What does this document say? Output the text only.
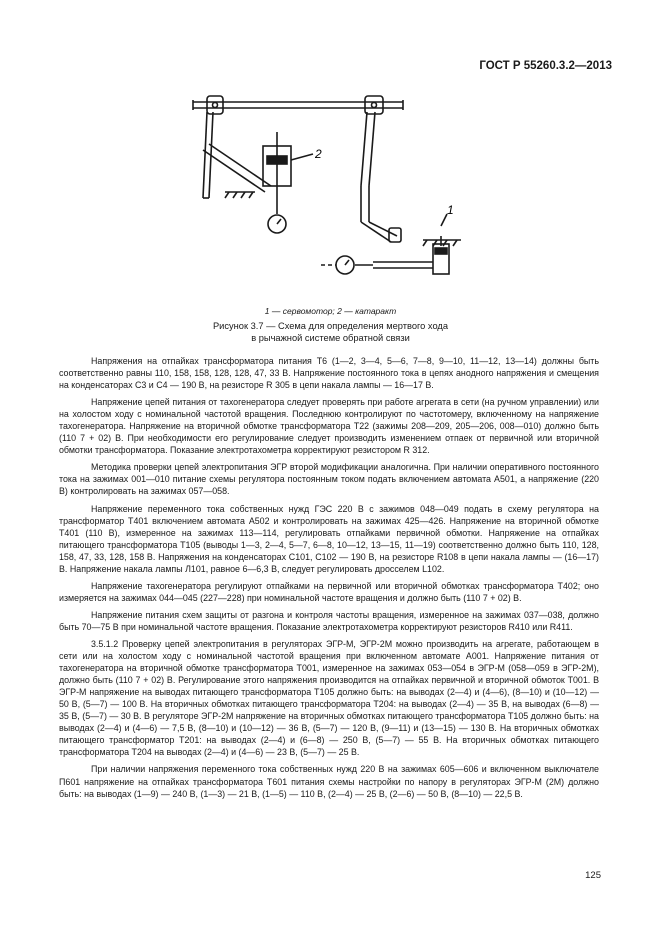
ГОСТ Р 55260.3.2—2013
1
2
1 — сервомотор; 2 — катаракт
Рисунок 3.7 — Схема для определения мертвого хода
в рычажной системе обратной связи

Напряжения на отпайках трансформатора питания Т6 (1—2, 3—4, 5—6, 7—8, 9—10, 11—12, 13—14) должны быть соответственно равны 110, 158, 158, 128, 128, 47, 33 В. Напряжение постоянного тока в цепях анодного напряжения и смещения на конденсаторах С3 и С4 — 190 В, на резисторе R 305 в цепи накала лампы — 16—17 В.

Напряжение цепей питания от тахогенератора следует проверять при работе агрегата в сети (на ручном управлении) или на холостом ходу с номинальной частотой вращения. Последнюю контролируют по частотомеру, включенному на напряжение тахогенератора. Напряжение на вторичной обмотке трансформатора Т22 (зажимы 208—209, 205—206, 008—010) должно быть (110 7 + 02) В. При необходимости его регулирование следует производить изменением отпаек от первичной или вторичной обмотки трансформатора. Показание электротахометра корректируют резистором R 312.

Методика проверки цепей электропитания ЭГР второй модификации аналогична. При наличии оперативного постоянного тока на зажимах 001—010 питание схемы регулятора постоянным током подать включением автомата А501, а напряжение (220 В) контролировать на зажимах 057—058.

Напряжение переменного тока собственных нужд ГЭС 220 В с зажимов 048—049 подать в схему регулятора на трансформатор Т401 включением автомата А502 и контролировать на зажимах 425—426. Напряжение на вторичной обмотке Т401 (110 В), измеренное на зажимах 113—114, регулировать отпайками первичной обмотки. Напряжение на отпайках питающего трансформатора Т105 (выводы 1—3, 2—4, 5—7, 6—8, 10—12, 13—15, 11—19) соответственно должно быть 110, 128, 158, 47, 33, 128, 158 В. Напряжения на конденсаторах С101, С102 — 190 В, на резисторе R108 в цепи накала лампы — (16—17) В. Напряжение накала лампы Л101, равное 6—6,3 В, следует регулировать дросселем L102.

Напряжение тахогенератора регулируют отпайками на первичной или вторичной обмотках трансформатора Т402; оно измеряется на зажимах 044—045 (227—228) при номинальной частоте вращения и должно быть (110 7 + 02) В.

Напряжение питания схем защиты от разгона и контроля частоты вращения, измеренное на зажимах 037—038, должно быть 70—75 В при номинальной частоте вращения. Показание электротахометра корректируют резисторов R410 или R411.

3.5.1.2 Проверку цепей электропитания в регуляторах ЭГР-М, ЭГР-2М можно производить на агрегате, работающем в сети или на холостом ходу с номинальной частотой вращения при включенном автомате А001. Напряжение питания от тахогенератора на вторичной обмотке трансформатора Т001, измеренное на зажимах 053—054 в ЭГР-М (058—059 в ЭГР-2М), должно быть (110 7 + 02) В. Регулирование этого напряжения производится на отпайках первичной и вторичной обмоток Т001. В ЭГР-М напряжение на выводах питающего трансформатора Т105 должно быть: на выводах (2—4) и (4—6), (8—10) и (10—12) — 50 В, (5—7) — 100 В. На вторичных обмотках питающего трансформатора Т204: на выводах (2—4) — 35 В, на выводах (6—8) — 35 В, (5—7) — 30 В. В регуляторе ЭГР-2М напряжение на вторичных обмотках питающего трансформатора Т105 должно быть: на выводах (2—4) и (4—6) — 7,5 В, (8—10) и (10—12) — 36 В, (5—7) — 120 В, (9—11) и (13—15) — 130 В. На вторичных обмотках питающего трансформатор Т201: на выводах (2—4) и (6—8) — 250 В, (5—7) — 55 В. На вторичных обмотках питающего трансформатора Т204 на выводах (2—4) и (4—6) — 23 В, (5—7) — 25 В.

При наличии напряжения переменного тока собственных нужд 220 В на зажимах 605—606 и включенном выключателе П601 напряжение на отпайках трансформатора Т601 питания схемы настройки по напору в регуляторах ЭГР-М (2М) должно быть: на выводах (1—9) — 240 В, (1—3) — 21 В, (1—5) — 110 В, (2—4) — 25 В, (2—6) — 50 В, (8—10) — 22,5 В.

125
